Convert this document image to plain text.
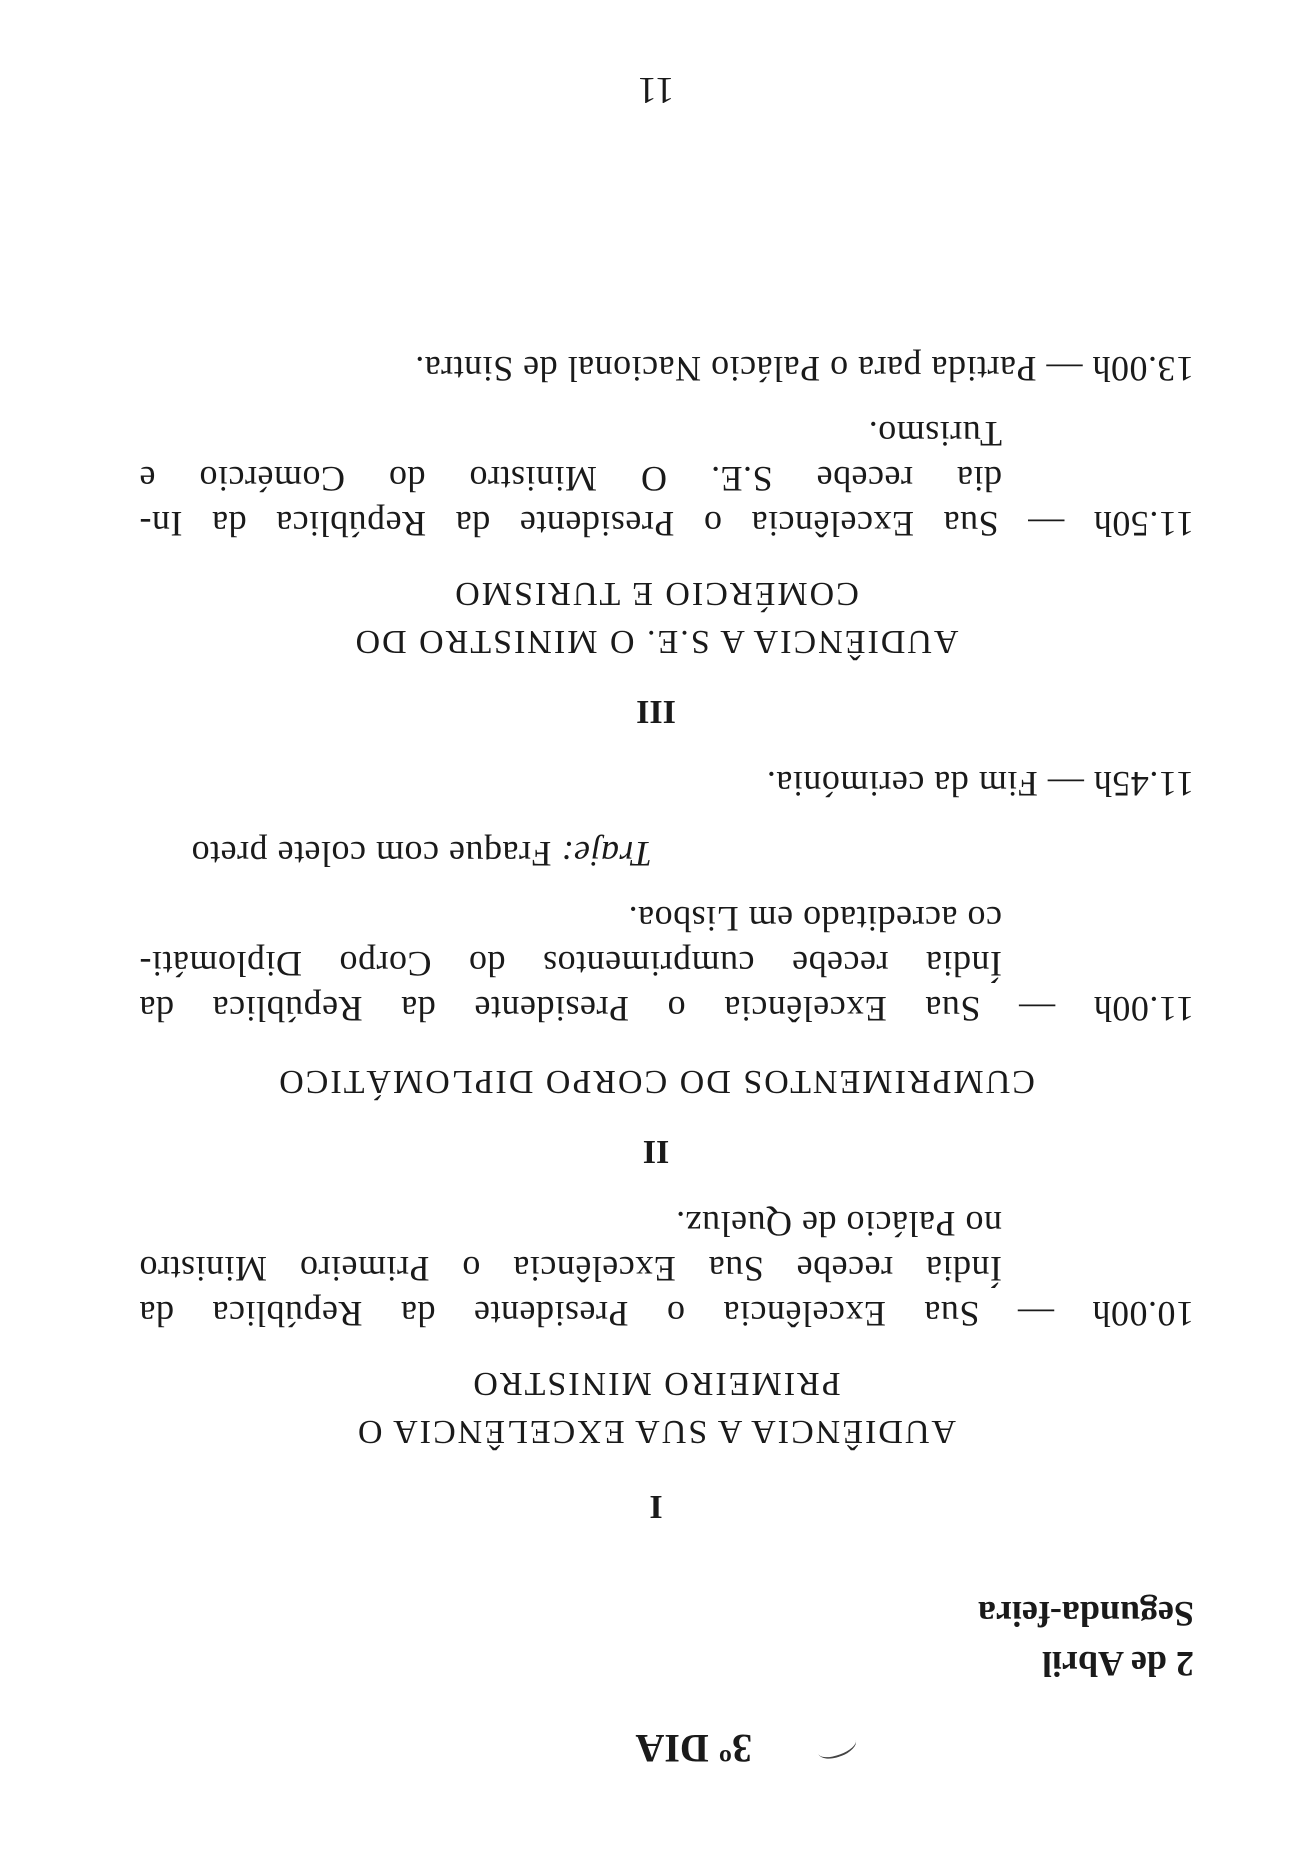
3º DIA
2 de Abril
Segunda-feira
I
AUDIÊNCIA A SUA EXCELÊNCIA O
PRIMEIRO MINISTRO
10.00h — Sua Excelência o Presidente da República da
Índia recebe Sua Excelência o Primeiro Ministro
no Palácio de Queluz.
II
CUMPRIMENTOS DO CORPO DIPLOMÁTICO
11.00h — Sua Excelência o Presidente da República da
Índia recebe cumprimentos do Corpo Diplomáti-
co acreditado em Lisboa.
Traje: Fraque com colete preto
11.45h — Fim da cerimónia.
III
AUDIÊNCIA A S.E. O MINISTRO DO
COMÉRCIO E TURISMO
11.50h — Sua Excelência o Presidente da República da In-
dia recebe S.E. O Ministro do Comércio e
Turismo.
13.00h — Partida para o Palácio Nacional de Sintra.
11
